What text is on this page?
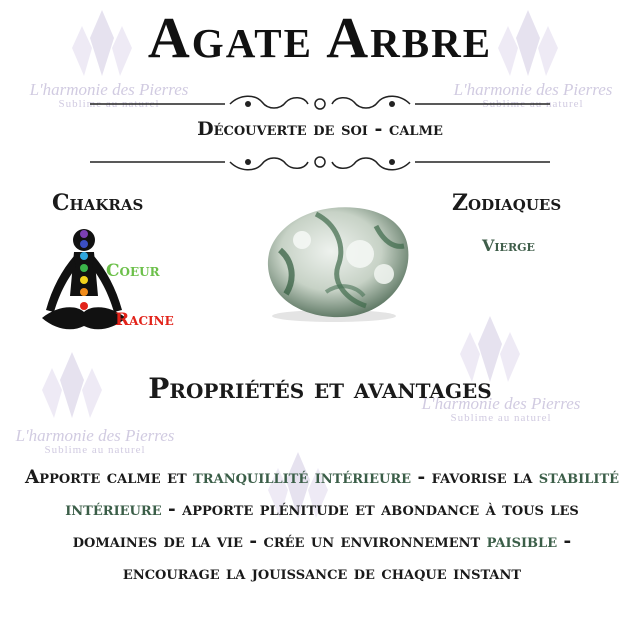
L'harmonie des Pierres
Sublime au naturel
L'harmonie des Pierres
Sublime au naturel
L'harmonie des Pierres
Sublime au naturel
L'harmonie des Pierres
Sublime au naturel
Agate Arbre
Découverte de soi - calme
Chakras
Coeur
Racine
Zodiaques
Vierge
Propriétés et avantages
Apporte calme et tranquillité intérieure - favorise la stabilité intérieure - apporte plénitude et abondance à tous les domaines de la vie - crée un environnement paisible - encourage la jouissance de chaque instant
